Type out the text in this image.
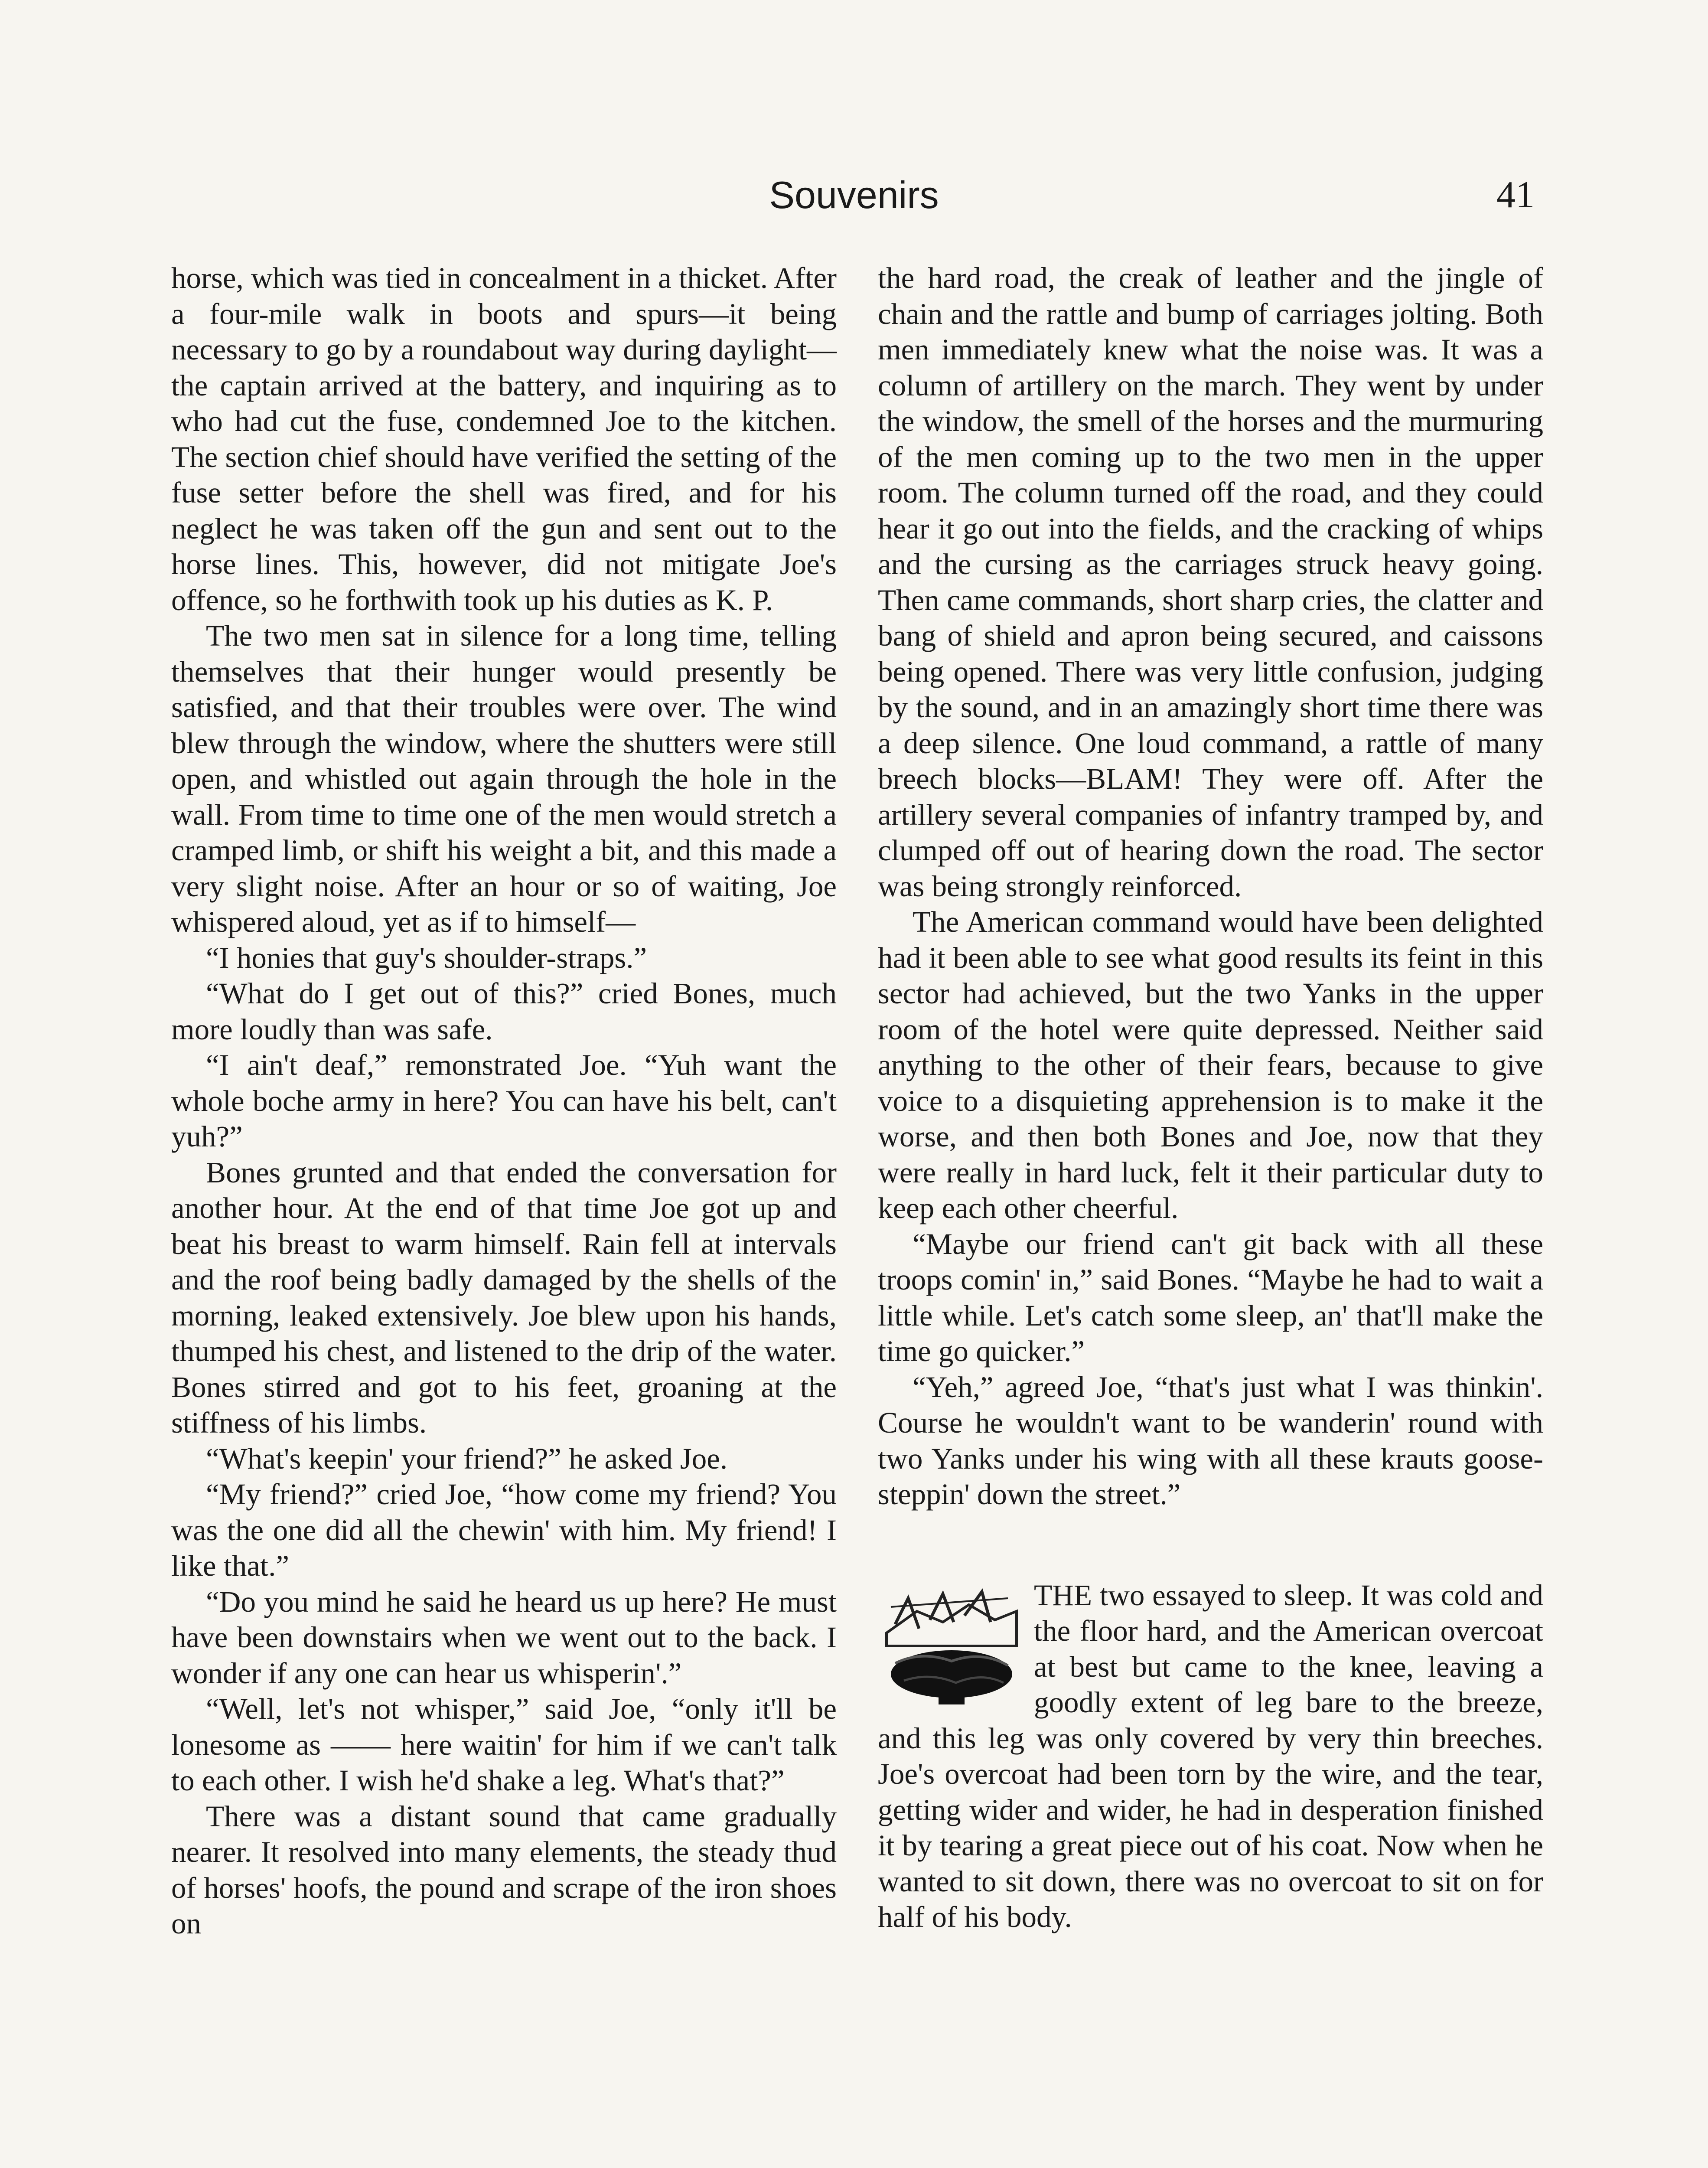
Souvenirs	41

horse, which was tied in concealment in a thicket. After a four-mile walk in boots and spurs—it being necessary to go by a roundabout way during daylight—the captain arrived at the battery, and inquiring as to who had cut the fuse, condemned Joe to the kitchen. The section chief should have verified the setting of the fuse setter before the shell was fired, and for his neglect he was taken off the gun and sent out to the horse lines. This, however, did not mitigate Joe's offence, so he forthwith took up his duties as K. P.

The two men sat in silence for a long time, telling themselves that their hunger would presently be satisfied, and that their troubles were over. The wind blew through the window, where the shutters were still open, and whistled out again through the hole in the wall. From time to time one of the men would stretch a cramped limb, or shift his weight a bit, and this made a very slight noise. After an hour or so of waiting, Joe whispered aloud, yet as if to himself—

“I honies that guy's shoulder-straps.”

“What do I get out of this?” cried Bones, much more loudly than was safe.

“I ain't deaf,” remonstrated Joe. “Yuh want the whole boche army in here? You can have his belt, can't yuh?”

Bones grunted and that ended the conversation for another hour. At the end of that time Joe got up and beat his breast to warm himself. Rain fell at intervals and the roof being badly damaged by the shells of the morning, leaked extensively. Joe blew upon his hands, thumped his chest, and listened to the drip of the water. Bones stirred and got to his feet, groaning at the stiffness of his limbs.

“What's keepin' your friend?” he asked Joe.

“My friend?” cried Joe, “how come my friend? You was the one did all the chewin' with him. My friend! I like that.”

“Do you mind he said he heard us up here? He must have been downstairs when we went out to the back. I wonder if any one can hear us whisperin'.”

“Well, let's not whisper,” said Joe, “only it'll be lonesome as —— here waitin' for him if we can't talk to each other. I wish he'd shake a leg. What's that?”

There was a distant sound that came gradually nearer. It resolved into many elements, the steady thud of horses' hoofs, the pound and scrape of the iron shoes on

the hard road, the creak of leather and the jingle of chain and the rattle and bump of carriages jolting. Both men immediately knew what the noise was. It was a column of artillery on the march. They went by under the window, the smell of the horses and the murmuring of the men coming up to the two men in the upper room. The column turned off the road, and they could hear it go out into the fields, and the cracking of whips and the cursing as the carriages struck heavy going. Then came commands, short sharp cries, the clatter and bang of shield and apron being secured, and caissons being opened. There was very little confusion, judging by the sound, and in an amazingly short time there was a deep silence. One loud command, a rattle of many breech blocks—BLAM! They were off. After the artillery several companies of infantry tramped by, and clumped off out of hearing down the road. The sector was being strongly reinforced.

The American command would have been delighted had it been able to see what good results its feint in this sector had achieved, but the two Yanks in the upper room of the hotel were quite depressed. Neither said anything to the other of their fears, because to give voice to a disquieting apprehension is to make it the worse, and then both Bones and Joe, now that they were really in hard luck, felt it their particular duty to keep each other cheerful.

“Maybe our friend can't git back with all these troops comin' in,” said Bones. “Maybe he had to wait a little while. Let's catch some sleep, an' that'll make the time go quicker.”

“Yeh,” agreed Joe, “that's just what I was thinkin'. Course he wouldn't want to be wanderin' round with two Yanks under his wing with all these krauts goose-steppin' down the street.”

THE two essayed to sleep. It was cold and the floor hard, and the American overcoat at best but came to the knee, leaving a goodly extent of leg bare to the breeze, and this leg was only covered by very thin breeches. Joe's overcoat had been torn by the wire, and the tear, getting wider and wider, he had in desperation finished it by tearing a great piece out of his coat. Now when he wanted to sit down, there was no overcoat to sit on for half of his body.
